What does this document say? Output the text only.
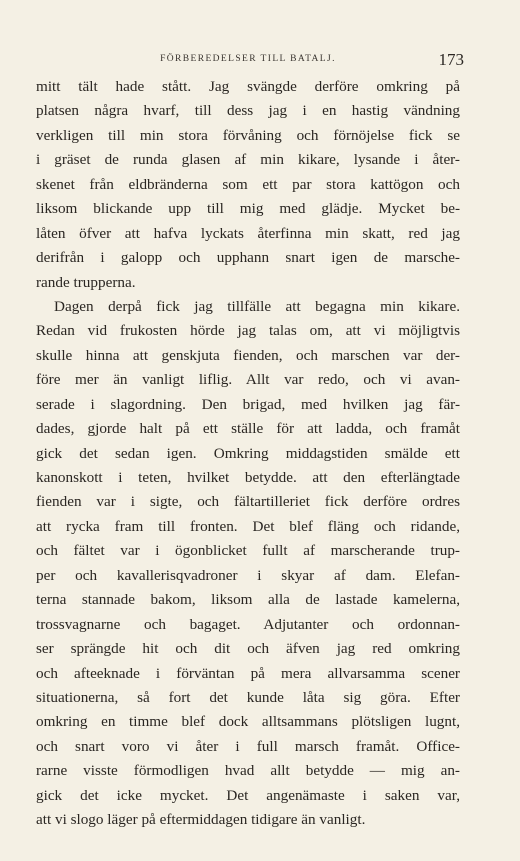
FÖRBEREDELSER TILL BATALJ.	173
mitt tält hade stått. Jag svängde derföre omkring på
platsen några hvarf, till dess jag i en hastig vändning
verkligen till min stora förvåning och förnöjelse fick se
i gräset de runda glasen af min kikare, lysande i åter-
skenet från eldbränderna som ett par stora kattögon och
liksom blickande upp till mig med glädje. Mycket be-
låten öfver att hafva lyckats återfinna min skatt, red jag
derifrån i galopp och upphann snart igen de marsche-
rande trupperna.
Dagen derpå fick jag tillfälle att begagna min kikare.
Redan vid frukosten hörde jag talas om, att vi möjligtvis
skulle hinna att genskjuta fienden, och marschen var der-
före mer än vanligt liflig. Allt var redo, och vi avan-
serade i slagordning. Den brigad, med hvilken jag fär-
dades, gjorde halt på ett ställe för att ladda, och framåt
gick det sedan igen. Omkring middagstiden smälde ett
kanonskott i teten, hvilket betydde. att den efterlängtade
fienden var i sigte, och fältartilleriet fick derföre ordres
att rycka fram till fronten. Det blef fläng och ridande,
och fältet var i ögonblicket fullt af marscherande trup-
per och kavallerisqvadroner i skyar af dam. Elefan-
terna stannade bakom, liksom alla de lastade kamelerna,
trossvagnarne och bagaget. Adjutanter och ordonnan-
ser sprängde hit och dit och äfven jag red omkring
och afteeknade i förväntan på mera allvarsamma scener
situationerna, så fort det kunde låta sig göra. Efter
omkring en timme blef dock alltsammans plötsligen lugnt,
och snart voro vi åter i full marsch framåt. Office-
rarne visste förmodligen hvad allt betydde — mig an-
gick det icke mycket. Det angenämaste i saken var,
att vi slogo läger på eftermiddagen tidigare än vanligt.
